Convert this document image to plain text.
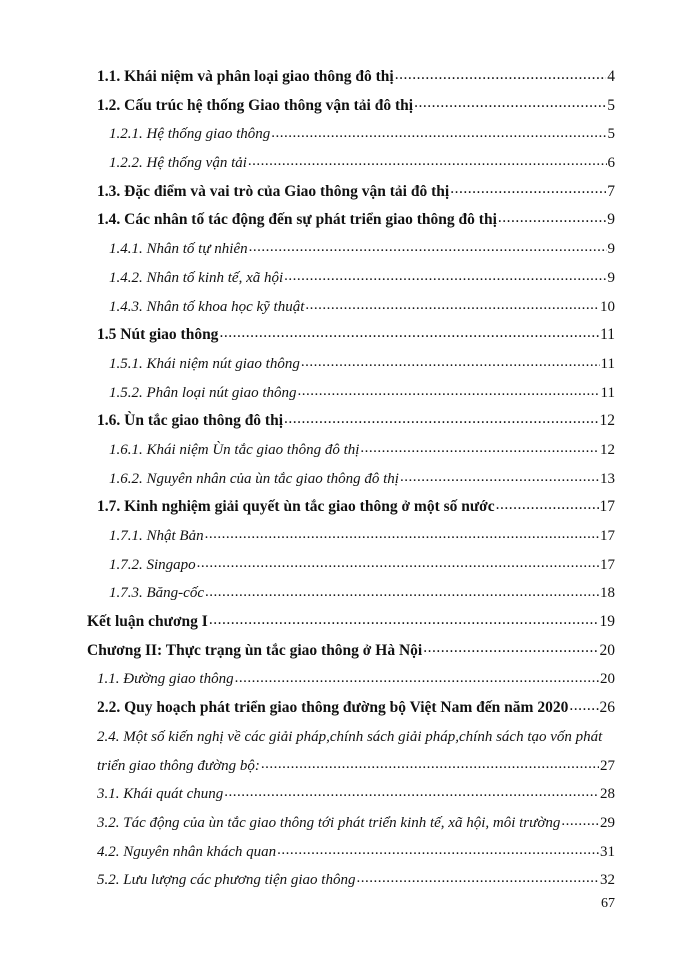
1.1. Khái niệm và phân loại giao thông đô thị .....	4
1.2. Cấu trúc hệ thống Giao thông vận tải đô thị .....	5
1.2.1. Hệ thống giao thông .....	5
1.2.2. Hệ thống vận tải .....	6
1.3. Đặc điểm và vai trò của Giao thông vận tải đô thị .....	7
1.4. Các nhân tố tác động đến sự phát triển giao thông đô thị .....	9
1.4.1. Nhân tố tự nhiên .....	9
1.4.2. Nhân tố kinh tế, xã hội .....	9
1.4.3. Nhân tố khoa học kỹ thuật .....	10
1.5 Nút giao thông .....	11
1.5.1. Khái niệm nút giao thông .....	11
1.5.2. Phân loại nút giao thông .....	11
1.6. Ùn tắc giao thông đô thị .....	12
1.6.1. Khái niệm Ùn tắc giao thông đô thị .....	12
1.6.2. Nguyên nhân của ùn tắc giao thông đô thị .....	13
1.7. Kinh nghiệm giải quyết ùn tắc giao thông ở một số nước .....	17
1.7.1. Nhật Bản .....	17
1.7.2. Singapo .....	17
1.7.3. Băng-cốc .....	18
Kết luận chương I .....	19
Chương II: Thực trạng ùn tắc giao thông ở Hà Nội .....	20
1.1. Đường giao thông .....	20
2.2. Quy hoạch phát triển giao thông đường bộ Việt Nam đến năm 2020 ..... 26
2.4. Một số kiến nghị về các giải pháp,chính sách giải pháp,chính sách tạo vốn phát
triển giao thông đường bộ: .....	27
3.1. Khái quát chung .....	28
3.2. Tác động của ùn tắc giao thông tới phát triển kinh tế, xã hội, môi trường .....	29
4.2. Nguyên nhân khách quan .....	31
5.2. Lưu lượng các phương tiện giao thông .....	32
67
